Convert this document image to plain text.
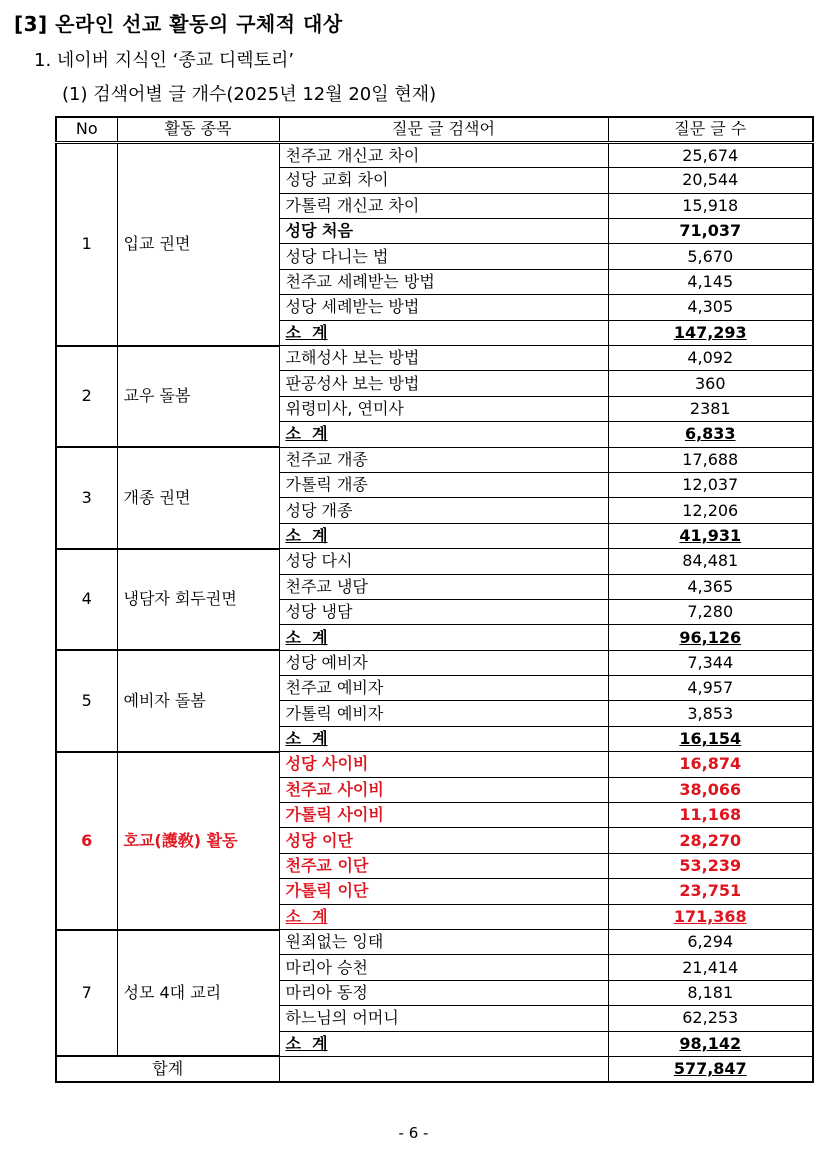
[3] 온라인 선교 활동의 구체적 대상
1. 네이버 지식인 ‘종교 디렉토리’
(1) 검색어별 글 개수(2025년 12월 20일 현재)
No	활동 종목	질문 글 검색어	질문 글 수
1	입교 권면	천주교 개신교 차이	25,674
		성당 교회 차이	20,544
		가톨릭 개신교 차이	15,918
		성당 처음	71,037
		성당 다니는 법	5,670
		천주교 세례받는 방법	4,145
		성당 세례받는 방법	4,305
		소  계	147,293
2	교우 돌봄	고해성사 보는 방법	4,092
		판공성사 보는 방법	360
		위령미사, 연미사	2381
		소  계	6,833
3	개종 권면	천주교 개종	17,688
		가톨릭 개종	12,037
		성당 개종	12,206
		소  계	41,931
4	냉담자 회두권면	성당 다시	84,481
		천주교 냉담	4,365
		성당 냉담	7,280
		소  계	96,126
5	예비자 돌봄	성당 예비자	7,344
		천주교 예비자	4,957
		가톨릭 예비자	3,853
		소  계	16,154
6	호교(護敎) 활동	성당 사이비	16,874
		천주교 사이비	38,066
		가톨릭 사이비	11,168
		성당 이단	28,270
		천주교 이단	53,239
		가톨릭 이단	23,751
		소  계	171,368
7	성모 4대 교리	원죄없는 잉태	6,294
		마리아 승천	21,414
		마리아 동정	8,181
		하느님의 어머니	62,253
		소  계	98,142
합계			577,847
- 6 -
